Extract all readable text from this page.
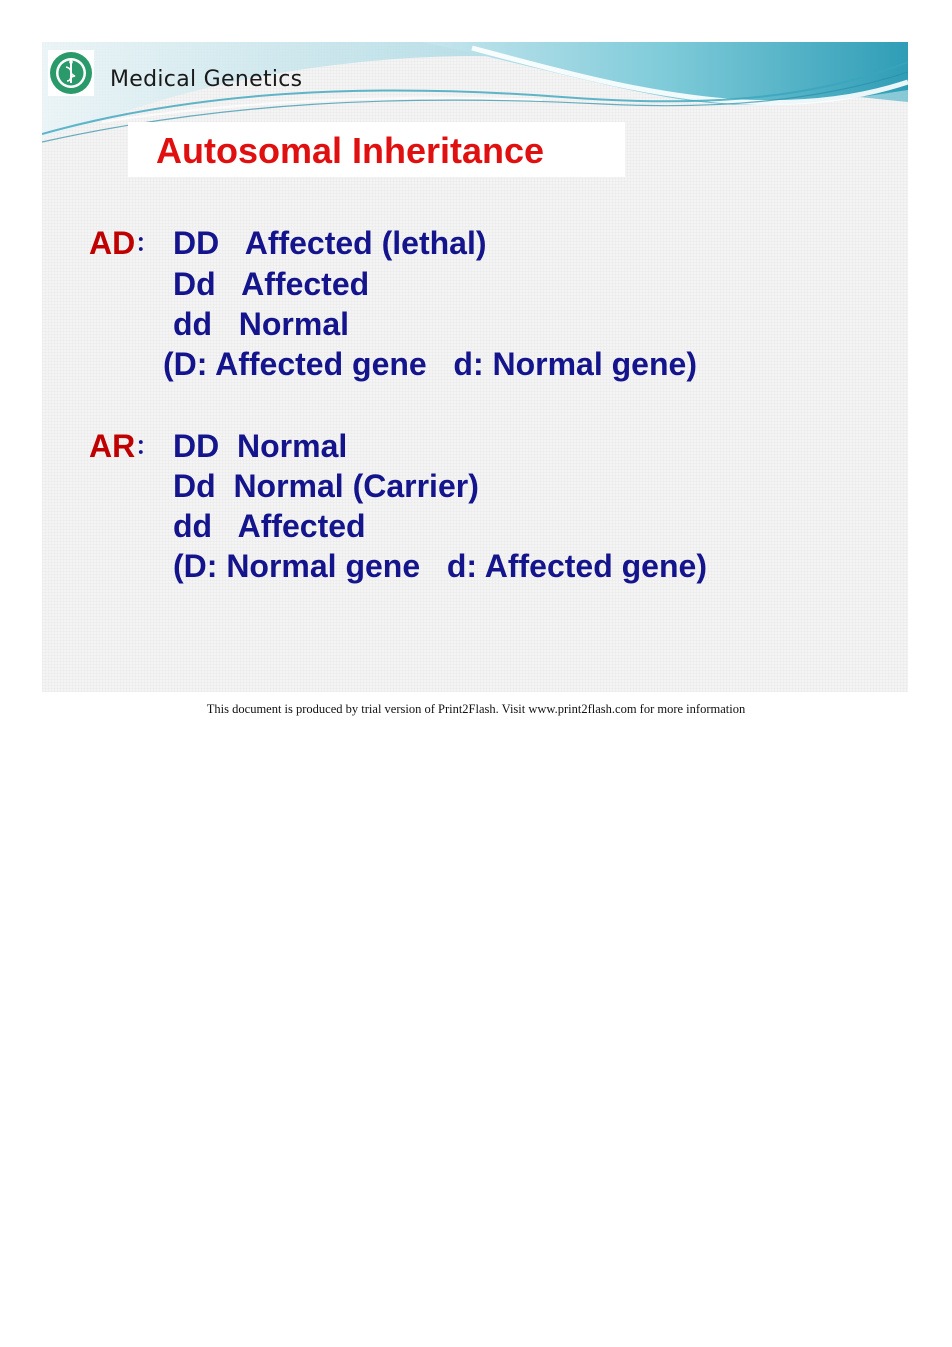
Medical Genetics
Autosomal Inheritance
AD： DD   Affected (lethal)
Dd   Affected
dd   Normal
(D: Affected gene   d: Normal gene)
AR： DD  Normal
Dd  Normal (Carrier)
dd   Affected
(D: Normal gene   d: Affected gene)
This document is produced by trial version of Print2Flash. Visit www.print2flash.com for more information
